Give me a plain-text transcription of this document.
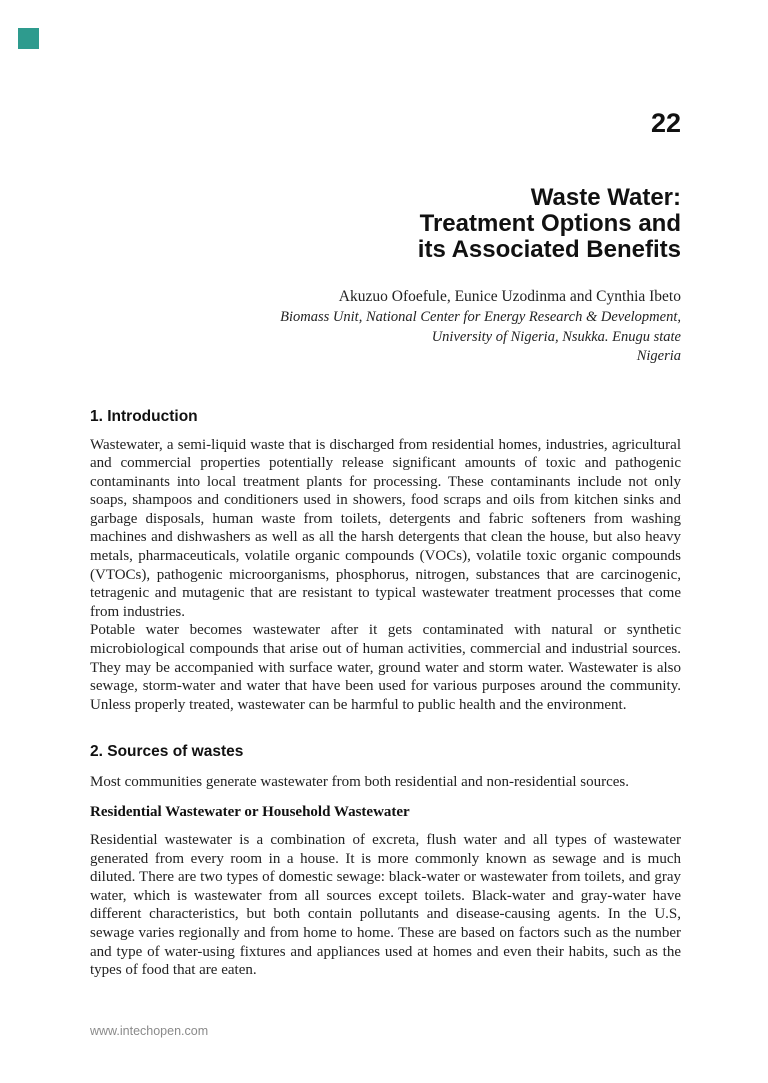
22
Waste Water:
Treatment Options and
its Associated Benefits
Akuzuo Ofoefule, Eunice Uzodinma and Cynthia Ibeto
Biomass Unit, National Center for Energy Research & Development,
University of Nigeria, Nsukka. Enugu state
Nigeria
1. Introduction
Wastewater, a semi-liquid waste that is discharged from residential homes, industries, agricultural and commercial properties potentially release significant amounts of toxic and pathogenic contaminants into local treatment plants for processing. These contaminants include not only soaps, shampoos and conditioners used in showers, food scraps and oils from kitchen sinks and garbage disposals, human waste from toilets, detergents and fabric softeners from washing machines and dishwashers as well as all the harsh detergents that clean the house, but also heavy metals, pharmaceuticals, volatile organic compounds (VOCs), volatile toxic organic compounds (VTOCs), pathogenic microorganisms, phosphorus, nitrogen, substances that are carcinogenic, tetragenic and mutagenic that are resistant to typical wastewater treatment processes that come from industries.
Potable water becomes wastewater after it gets contaminated with natural or synthetic microbiological compounds that arise out of human activities, commercial and industrial sources. They may be accompanied with surface water, ground water and storm water. Wastewater is also sewage, storm-water and water that have been used for various purposes around the community. Unless properly treated, wastewater can be harmful to public health and the environment.
2. Sources of wastes
Most communities generate wastewater from both residential and non-residential sources.
Residential Wastewater or Household Wastewater
Residential wastewater is a combination of excreta, flush water and all types of wastewater generated from every room in a house. It is more commonly known as sewage and is much diluted. There are two types of domestic sewage: black-water or wastewater from toilets, and gray water, which is wastewater from all sources except toilets. Black-water and gray-water have different characteristics, but both contain pollutants and disease-causing agents. In the U.S, sewage varies regionally and from home to home. These are based on factors such as the number and type of water-using fixtures and appliances used at homes and even their habits, such as the types of food that are eaten.
www.intechopen.com
